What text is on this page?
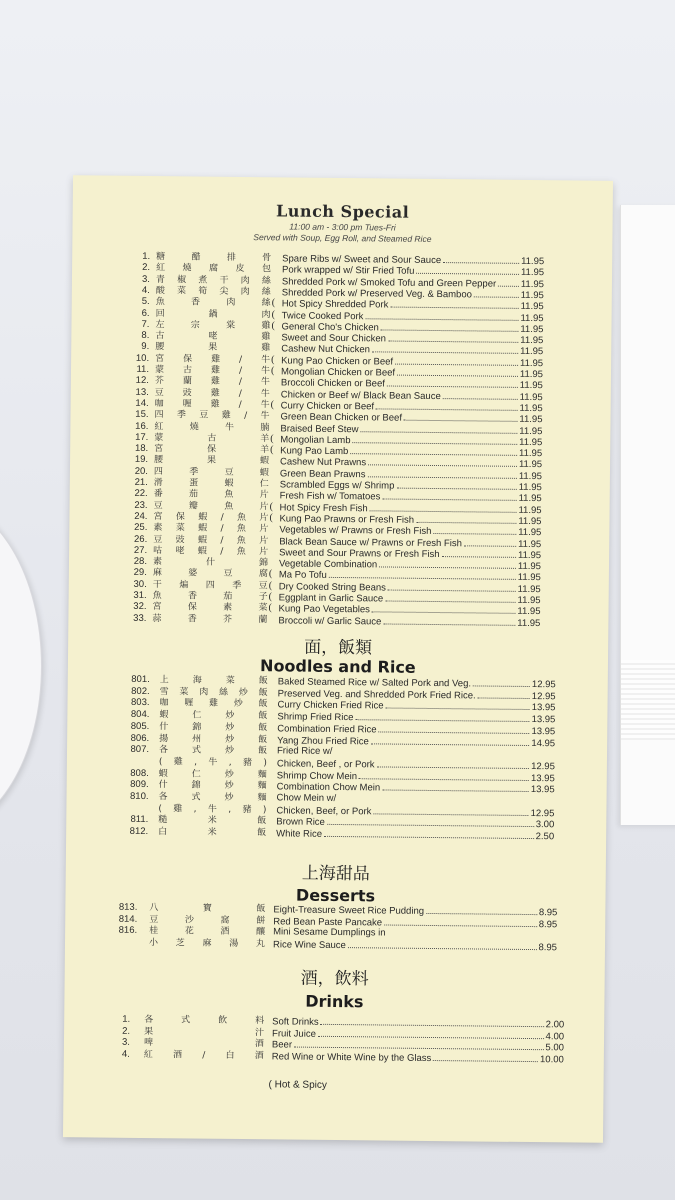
Lunch Special
11:00 am - 3:00 pm Tues-Fri
Served with Soup, Egg Roll, and Steamed Rice
1. 糖	醋	排	骨 Spare Ribs w/ Sweet and Sour Sauce	11.95
2. 紅 燒 腐 皮 包 Pork wrapped w/ Stir Fried Tofu	11.95
3. 青 椒 煮 干 肉 絲 Shredded Pork w/ Smoked Tofu and Green Pepper	11.95
4. 酸 菜 筍 尖 肉 絲 Shredded Pork w/ Preserved Veg. & Bamboo	11.95
5. 魚	香	肉	絲 ( Hot Spicy Shredded Pork	11.95
6. 回	鍋	肉 ( Twice Cooked Pork	11.95
7. 左	宗	棠	雞 ( General Cho's Chicken	11.95
8. 古	咾	雞 Sweet and Sour Chicken	11.95
9. 腰	果	雞 Cashew Nut Chicken	11.95
10. 宮 保 雞 / 牛 ( Kung Pao Chicken or Beef	11.95
11. 蒙 古 雞 / 牛 ( Mongolian Chicken or Beef	11.95
12. 芥 蘭 雞 / 牛 Broccoli Chicken or Beef	11.95
13. 豆 豉 雞 / 牛 Chicken or Beef w/ Black Bean Sauce	11.95
14. 咖 喱 雞 / 牛 ( Curry Chicken or Beef	11.95
15. 四 季 豆 雞 / 牛 Green Bean Chicken or Beef	11.95
16. 紅	燒	牛	腩 Braised Beef Stew	11.95
17. 蒙	古	羊 ( Mongolian Lamb	11.95
18. 宮	保	羊 ( Kung Pao Lamb	11.95
19. 腰	果	蝦 Cashew Nut Prawns	11.95
20. 四	季	豆	蝦 Green Bean Prawns	11.95
21. 滑	蛋	蝦	仁 Scrambled Eggs w/ Shrimp	11.95
22. 番	茄	魚	片 Fresh Fish w/ Tomatoes	11.95
23. 豆	瓣	魚	片 ( Hot Spicy Fresh Fish	11.95
24. 宮 保 蝦 / 魚 片 ( Kung Pao Prawns or Fresh Fish	11.95
25. 素 菜 蝦 / 魚 片 Vegetables w/ Prawns or Fresh Fish	11.95
26. 豆 豉 蝦 / 魚 片 Black Bean Sauce w/ Prawns or Fresh Fish	11.95
27. 咕 咾 蝦 / 魚 片 Sweet and Sour Prawns or Fresh Fish	11.95
28. 素	什	錦 Vegetable Combination	11.95
29. 麻	婆	豆	腐 ( Ma Po Tofu	11.95
30. 干 煸 四 季 豆 ( Dry Cooked String Beans	11.95
31. 魚	香	茄	子 ( Eggplant in Garlic Sauce	11.95
32. 宮	保	素	菜 ( Kung Pao Vegetables	11.95
33. 蒜	香	芥	蘭 Broccoli w/ Garlic Sauce	11.95
面，飯類
Noodles and Rice
801. 上	海	菜	飯 Baked Steamed Rice w/ Salted Pork and Veg.	12.95
802. 雪 菜 肉 絲 炒 飯 Preserved Veg. and Shredded Pork Fried Rice.	12.95
803. 咖 喱 雞 炒 飯 Curry Chicken Fried Rice	13.95
804. 蝦	仁	炒	飯 Shrimp Fried Rice	13.95
805. 什	錦	炒	飯 Combination Fried Rice	13.95
806. 揚	州	炒	飯 Yang Zhou Fried Rice	14.95
807. 各	式	炒	飯 Fried Rice w/
( 雞 , 牛 , 豬 ) Chicken, Beef , or Pork	12.95
808. 蝦	仁	炒	麵 Shrimp Chow Mein	13.95
809. 什	錦	炒	麵 Combination Chow Mein	13.95
810. 各	式	炒	麵 Chow Mein w/
( 雞 , 牛 , 豬 ) Chicken, Beef, or Pork	12.95
811. 糙	米	飯 Brown Rice	3.00
812. 白	米	飯 White Rice	2.50
上海甜品
Desserts
813. 八	寶	飯 Eight-Treasure Sweet Rice Pudding	8.95
814. 豆	沙	窩	餅 Red Bean Paste Pancake	8.95
816. 桂	花	酒	釀 Mini Sesame Dumplings in
小 芝 麻 湯 丸 Rice Wine Sauce	8.95
酒，飲料
Drinks
1. 各	式	飲	料 Soft Drinks	2.00
2. 果	汁 Fruit Juice	4.00
3. 啤	酒 Beer	5.00
4. 紅 酒 / 白 酒 Red Wine or White Wine by the Glass	10.00
( Hot & Spicy
